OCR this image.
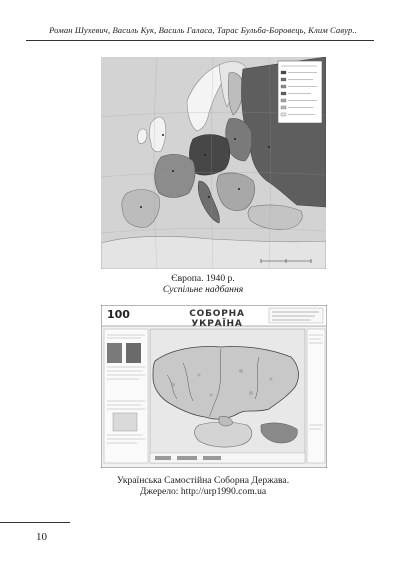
Роман Шухевич, Василь Кук, Василь Галаса, Тарас Бульба-Боровець, Клим Савур..
Європа. 1940 р.
Суспільне надбання
100	СОБОРНА УКРАЇНА
Українська Самостійна Соборна Держава.
Джерело: http://urp1990.com.ua
10
